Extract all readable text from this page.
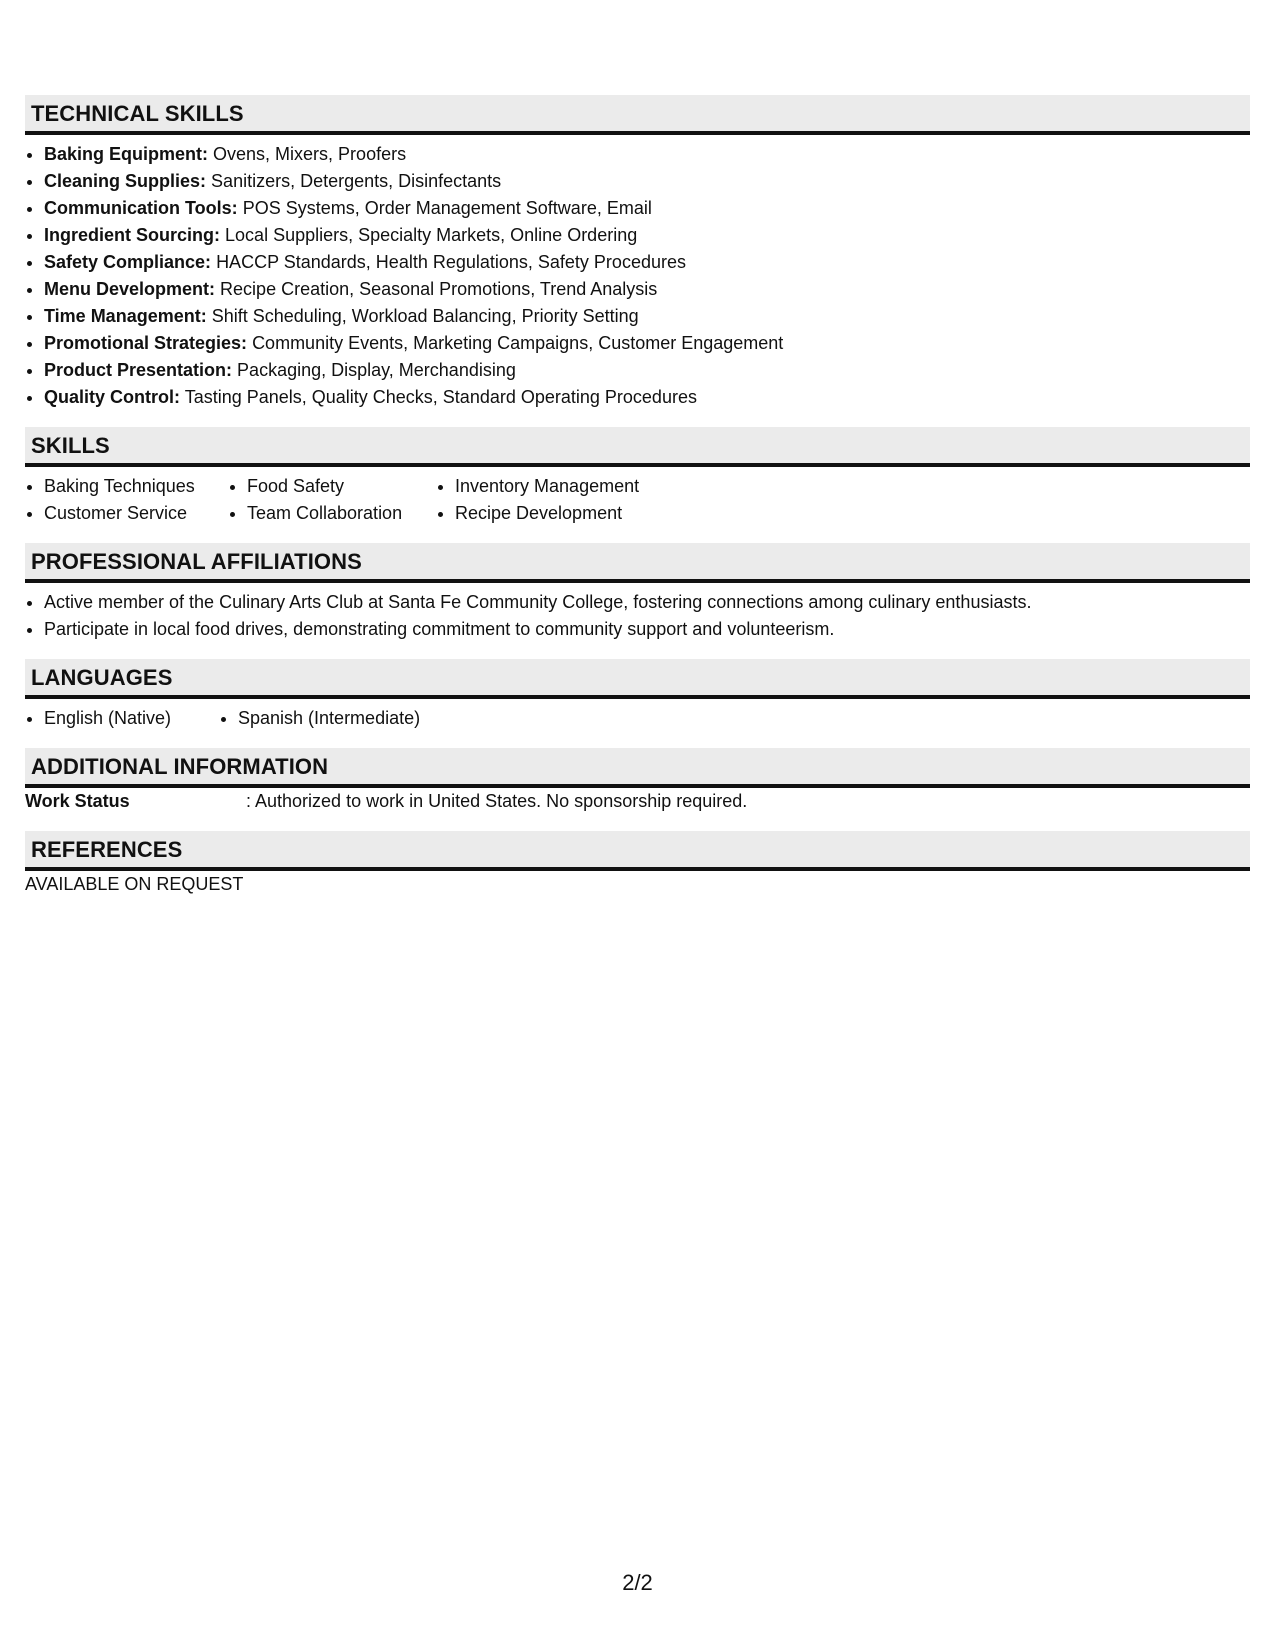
TECHNICAL SKILLS
• Baking Equipment: Ovens, Mixers, Proofers
• Cleaning Supplies: Sanitizers, Detergents, Disinfectants
• Communication Tools: POS Systems, Order Management Software, Email
• Ingredient Sourcing: Local Suppliers, Specialty Markets, Online Ordering
• Safety Compliance: HACCP Standards, Health Regulations, Safety Procedures
• Menu Development: Recipe Creation, Seasonal Promotions, Trend Analysis
• Time Management: Shift Scheduling, Workload Balancing, Priority Setting
• Promotional Strategies: Community Events, Marketing Campaigns, Customer Engagement
• Product Presentation: Packaging, Display, Merchandising
• Quality Control: Tasting Panels, Quality Checks, Standard Operating Procedures
SKILLS
• Baking Techniques
• Customer Service
• Food Safety
• Team Collaboration
• Inventory Management
• Recipe Development
PROFESSIONAL AFFILIATIONS
• Active member of the Culinary Arts Club at Santa Fe Community College, fostering connections among culinary enthusiasts.
• Participate in local food drives, demonstrating commitment to community support and volunteerism.
LANGUAGES
• English (Native)
•	Spanish (Intermediate)
ADDITIONAL INFORMATION
Work Status	: Authorized to work in United States. No sponsorship required.
REFERENCES
AVAILABLE ON REQUEST
2/2
